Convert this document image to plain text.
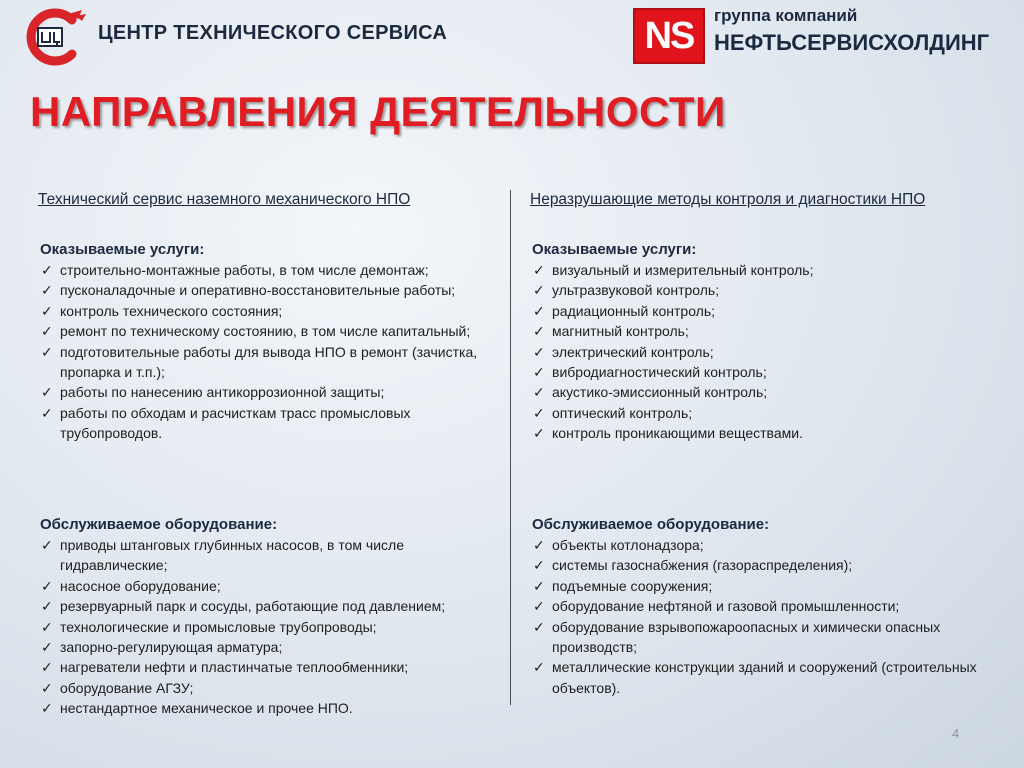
ЦЕНТР ТЕХНИЧЕСКОГО СЕРВИСА	NS	группа компаний
НЕФТЬСЕРВИСХОЛДИНГ
НАПРАВЛЕНИЯ ДЕЯТЕЛЬНОСТИ

Технический сервис наземного механического НПО

Оказываемые услуги:

✓ строительно-монтажные работы, в том числе демонтаж;
✓ пусконаладочные и оперативно-восстановительные работы;
✓ контроль технического состояния;
✓ ремонт по техническому состоянию, в том числе капитальный;
✓ подготовительные работы для вывода НПО в ремонт (зачистка, пропарка и т.п.);
✓ работы по нанесению антикоррозионной защиты;
✓ работы по обходам и расчисткам трасс промысловых трубопроводов.

Обслуживаемое оборудование:

✓ приводы штанговых глубинных насосов, в том числе гидравлические;
✓ насосное оборудование;
✓ резервуарный парк и сосуды, работающие под давлением;
✓ технологические и промысловые трубопроводы;
✓ запорно-регулирующая арматура;
✓ нагреватели нефти и пластинчатые теплообменники;
✓ оборудование АГЗУ;
✓ нестандартное механическое и прочее НПО.

Неразрушающие методы контроля и диагностики НПО

Оказываемые услуги:

✓ визуальный и измерительный контроль;
✓ ультразвуковой контроль;
✓ радиационный контроль;
✓ магнитный контроль;
✓ электрический контроль;
✓ вибродиагностический контроль;
✓ акустико-эмиссионный контроль;
✓ оптический контроль;
✓ контроль проникающими веществами.

Обслуживаемое оборудование:

✓ объекты котлонадзора;
✓ системы газоснабжения (газораспределения);
✓ подъемные сооружения;
✓ оборудование нефтяной и газовой промышленности;
✓ оборудование взрывопожароопасных и химически опасных производств;
✓ металлические конструкции зданий и сооружений (строительных объектов).
4
